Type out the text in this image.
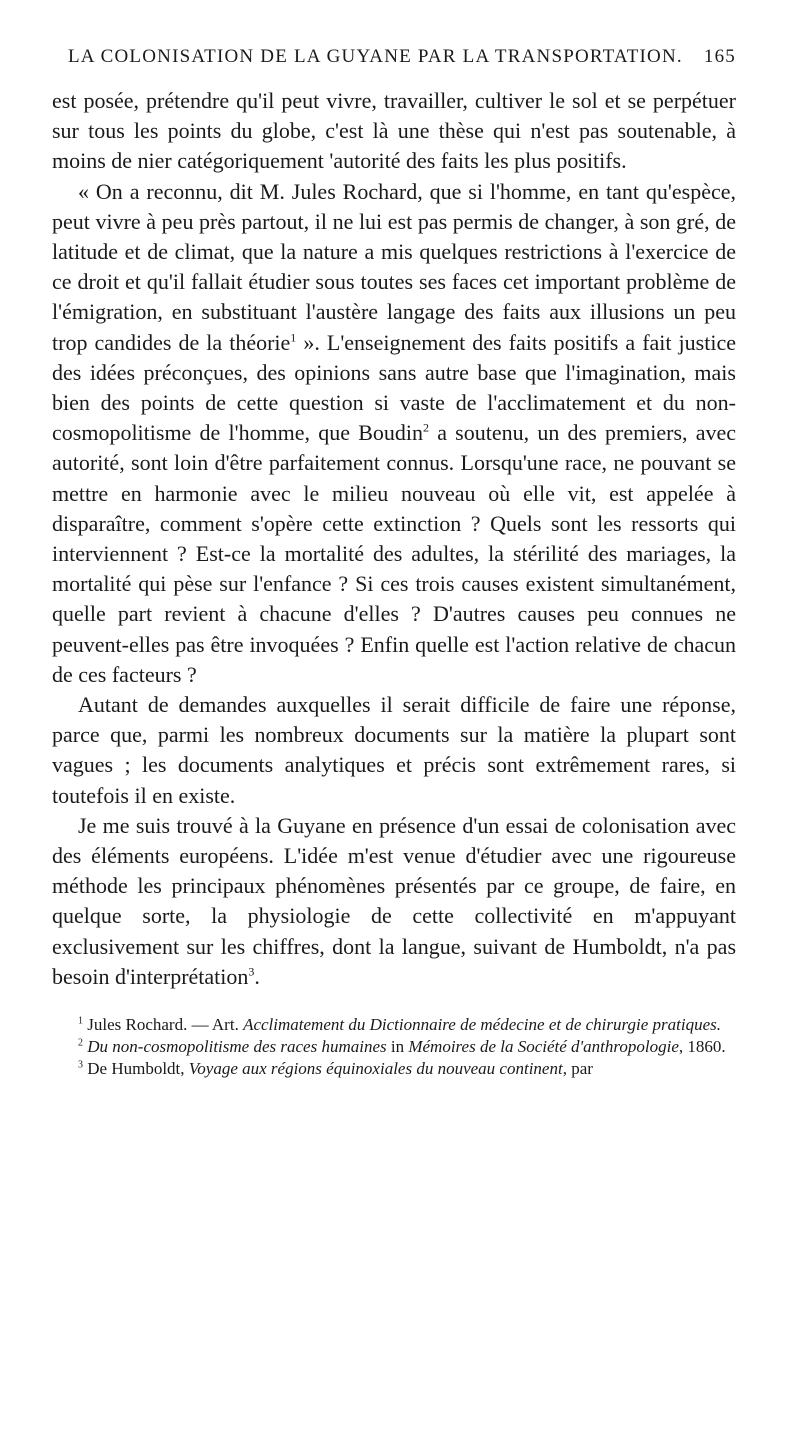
LA COLONISATION DE LA GUYANE PAR LA TRANSPORTATION. 165

est posée, prétendre qu'il peut vivre, travailler, cultiver le sol et se perpétuer sur tous les points du globe, c'est là une thèse qui n'est pas soutenable, à moins de nier catégoriquement 'autorité des faits les plus positifs.

« On a reconnu, dit M. Jules Rochard, que si l'homme, en tant qu'espèce, peut vivre à peu près partout, il ne lui est pas permis de changer, à son gré, de latitude et de climat, que la nature a mis quelques restrictions à l'exercice de ce droit et qu'il fallait étudier sous toutes ses faces cet important problème de l'émigration, en substituant l'austère langage des faits aux illusions un peu trop candides de la théorie$^1$ ». L'enseignement des faits positifs a fait justice des idées préconçues, des opinions sans autre base que l'imagination, mais bien des points de cette question si vaste de l'acclimatement et du non-cosmopolitisme de l'homme, que Boudin$^2$ a soutenu, un des premiers, avec autorité, sont loin d'être parfaitement connus. Lorsqu'une race, ne pouvant se mettre en harmonie avec le milieu nouveau où elle vit, est appelée à disparaître, comment s'opère cette extinction ? Quels sont les ressorts qui interviennent ? Est-ce la mortalité des adultes, la stérilité des mariages, la mortalité qui pèse sur l'enfance ? Si ces trois causes existent simultanément, quelle part revient à chacune d'elles ? D'autres causes peu connues ne peuvent-elles pas être invoquées ? Enfin quelle est l'action relative de chacun de ces facteurs ?

Autant de demandes auxquelles il serait difficile de faire une réponse, parce que, parmi les nombreux documents sur la matière la plupart sont vagues ; les documents analytiques et précis sont extrêmement rares, si toutefois il en existe.

Je me suis trouvé à la Guyane en présence d'un essai de colonisation avec des éléments européens. L'idée m'est venue d'étudier avec une rigoureuse méthode les principaux phénomènes présentés par ce groupe, de faire, en quelque sorte, la physiologie de cette collectivité en m'appuyant exclusivement sur les chiffres, dont la langue, suivant de Humboldt, n'a pas besoin d'interprétation$^3$.

$^1$ Jules Rochard. — Art. Acclimatement du Dictionnaire de médecine et de chirurgie pratiques.

$^2$ Du non-cosmopolitisme des races humaines in Mémoires de la Société d'anthropologie, 1860.

$^3$ De Humboldt, Voyage aux régions équinoxiales du nouveau continent, par
